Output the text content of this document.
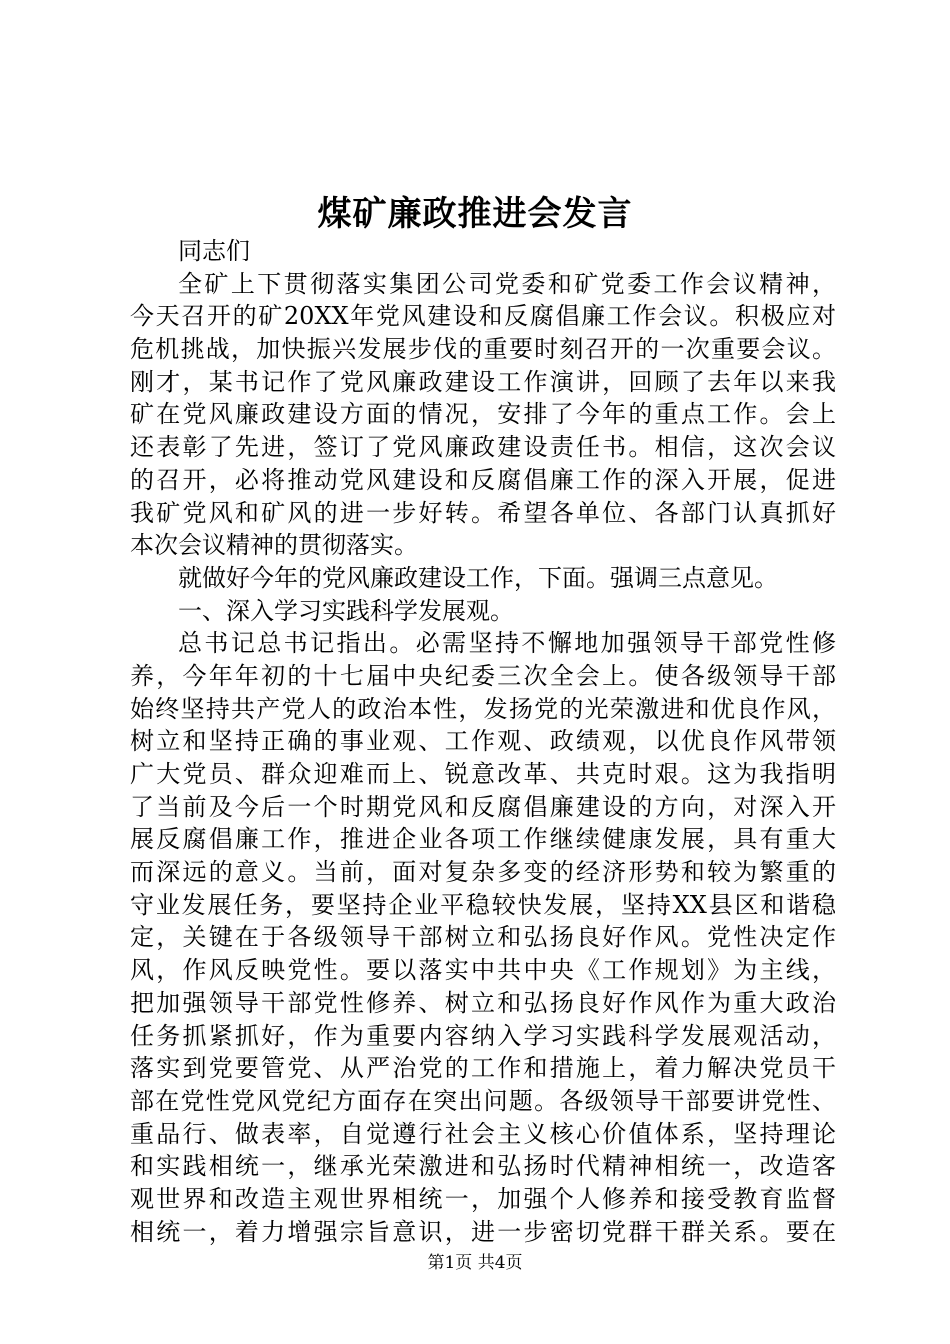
煤矿廉政推进会发言
同志们
全矿上下贯彻落实集团公司党委和矿党委工作会议精神，
今天召开的矿20XX年党风建设和反腐倡廉工作会议。积极应对
危机挑战，加快振兴发展步伐的重要时刻召开的一次重要会议。
刚才，某书记作了党风廉政建设工作演讲，回顾了去年以来我
矿在党风廉政建设方面的情况，安排了今年的重点工作。会上
还表彰了先进，签订了党风廉政建设责任书。相信，这次会议
的召开，必将推动党风建设和反腐倡廉工作的深入开展，促进
我矿党风和矿风的进一步好转。希望各单位、各部门认真抓好
本次会议精神的贯彻落实。
就做好今年的党风廉政建设工作，下面。强调三点意见。
一、深入学习实践科学发展观。
总书记总书记指出。必需坚持不懈地加强领导干部党性修
养，今年年初的十七届中央纪委三次全会上。使各级领导干部
始终坚持共产党人的政治本性，发扬党的光荣激进和优良作风，
树立和坚持正确的事业观、工作观、政绩观，以优良作风带领
广大党员、群众迎难而上、锐意改革、共克时艰。这为我指明
了当前及今后一个时期党风和反腐倡廉建设的方向，对深入开
展反腐倡廉工作，推进企业各项工作继续健康发展，具有重大
而深远的意义。当前，面对复杂多变的经济形势和较为繁重的
守业发展任务，要坚持企业平稳较快发展，坚持XX县区和谐稳
定，关键在于各级领导干部树立和弘扬良好作风。党性决定作
风，作风反映党性。要以落实中共中央《工作规划》为主线，
把加强领导干部党性修养、树立和弘扬良好作风作为重大政治
任务抓紧抓好，作为重要内容纳入学习实践科学发展观活动，
落实到党要管党、从严治党的工作和措施上，着力解决党员干
部在党性党风党纪方面存在突出问题。各级领导干部要讲党性、
重品行、做表率，自觉遵行社会主义核心价值体系，坚持理论
和实践相统一，继承光荣激进和弘扬时代精神相统一，改造客
观世界和改造主观世界相统一，加强个人修养和接受教育监督
相统一，着力增强宗旨意识，进一步密切党群干群关系。要在
第1页 共4页
